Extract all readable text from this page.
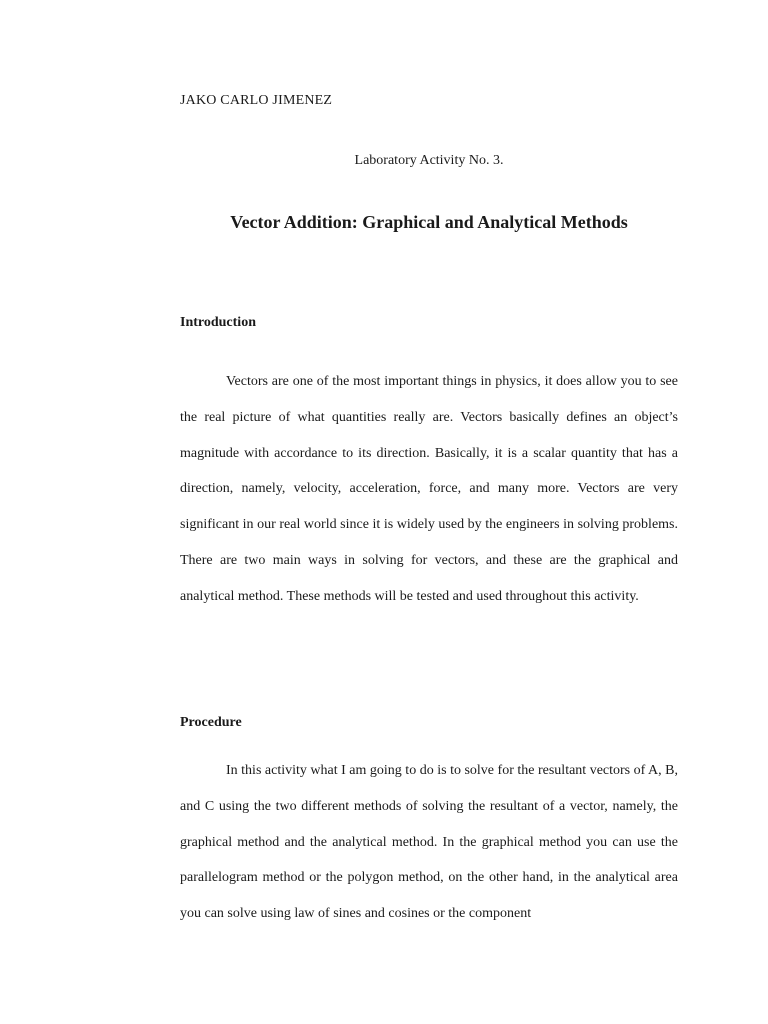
JAKO CARLO JIMENEZ
Laboratory Activity No. 3.
Vector Addition: Graphical and Analytical Methods
Introduction

Vectors are one of the most important things in physics, it does allow you to see the real picture of what quantities really are. Vectors basically defines an object’s magnitude with accordance to its direction. Basically, it is a scalar quantity that has a direction, namely, velocity, acceleration, force, and many more. Vectors are very significant in our real world since it is widely used by the engineers in solving problems. There are two main ways in solving for vectors, and these are the graphical and analytical method. These methods will be tested and used throughout this activity.

Procedure

In this activity what I am going to do is to solve for the resultant vectors of A, B, and C using the two different methods of solving the resultant of a vector, namely, the graphical method and the analytical method. In the graphical method you can use the parallelogram method or the polygon method, on the other hand, in the analytical area you can solve using law of sines and cosines or the component
